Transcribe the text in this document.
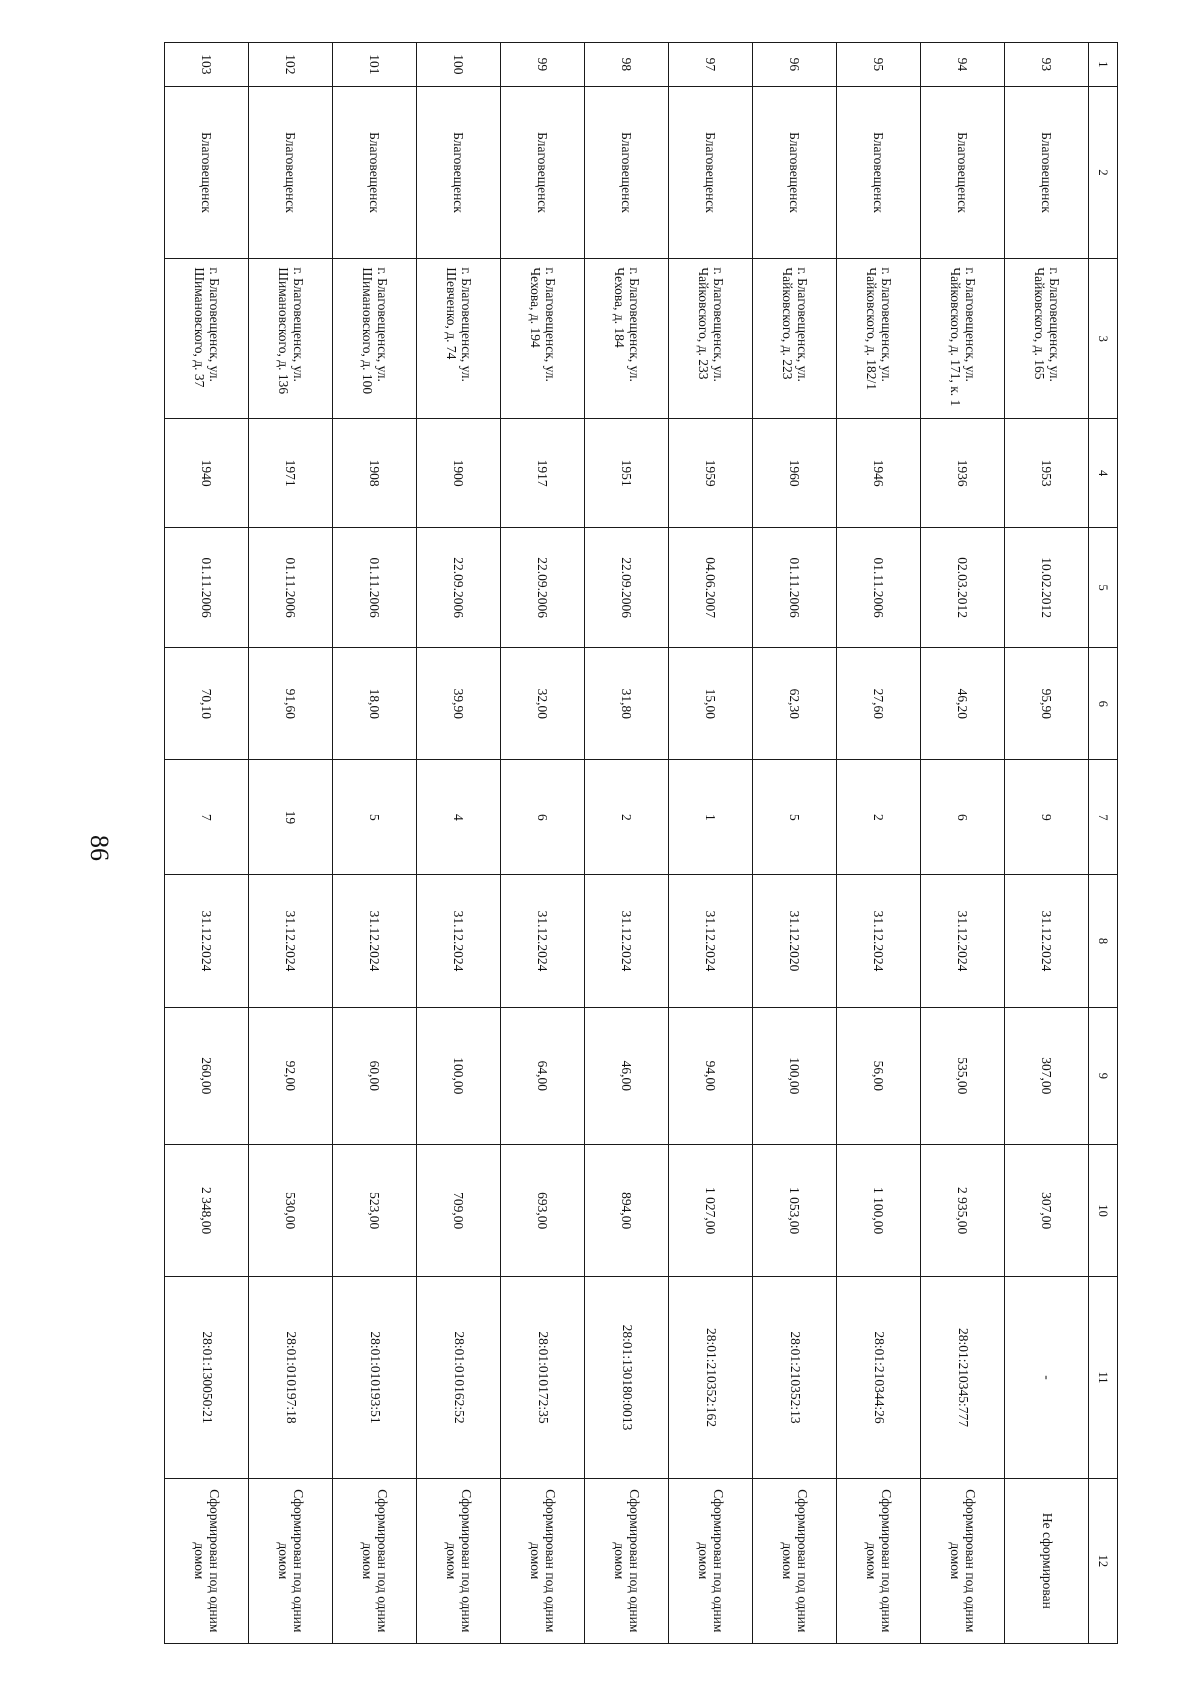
86
1	2	3	4	5	6	7	8	9	10	11	12
93	Благовещенск	г. Благовещенск, ул. Чайковского, д. 165	1953	10.02.2012	95,90	9	31.12.2024	307,00	307,00	-	Не сформирован
94	Благовещенск	г. Благовещенск, ул. Чайковского, д. 171, к. 1	1936	02.03.2012	46,20	6	31.12.2024	535,00	2 935,00	28:01:210345:777	Сформирован под одним домом
95	Благовещенск	г. Благовещенск, ул. Чайковского, д. 182/1	1946	01.11.2006	27,60	2	31.12.2024	56,00	1 100,00	28:01:210344:26	Сформирован под одним домом
96	Благовещенск	г. Благовещенск, ул. Чайковского, д. 223	1960	01.11.2006	62,30	5	31.12.2020	100,00	1 053,00	28:01:210352:13	Сформирован под одним домом
97	Благовещенск	г. Благовещенск, ул. Чайковского, д. 233	1959	04.06.2007	15,00	1	31.12.2024	94,00	1 027,00	28:01:210352:162	Сформирован под одним домом
98	Благовещенск	г. Благовещенск, ул. Чехова, д. 184	1951	22.09.2006	31,80	2	31.12.2024	46,00	894,00	28:01:130180:0013	Сформирован под одним домом
99	Благовещенск	г. Благовещенск, ул. Чехова, д. 194	1917	22.09.2006	32,00	6	31.12.2024	64,00	693,00	28:01:010172:35	Сформирован под одним домом
100	Благовещенск	г. Благовещенск, ул. Шевченко, д. 74	1900	22.09.2006	39,90	4	31.12.2024	100,00	709,00	28:01:010162:52	Сформирован под одним домом
101	Благовещенск	г. Благовещенск, ул. Шимановского, д. 100	1908	01.11.2006	18,00	5	31.12.2024	60,00	523,00	28:01:010193:51	Сформирован под одним домом
102	Благовещенск	г. Благовещенск, ул. Шимановского, д. 136	1971	01.11.2006	91,60	19	31.12.2024	92,00	530,00	28:01:010197:18	Сформирован под одним домом
103	Благовещенск	г. Благовещенск, ул. Шимановского, д. 37	1940	01.11.2006	70,10	7	31.12.2024	260,00	2 348,00	28:01:130050:21	Сформирован под одним домом
